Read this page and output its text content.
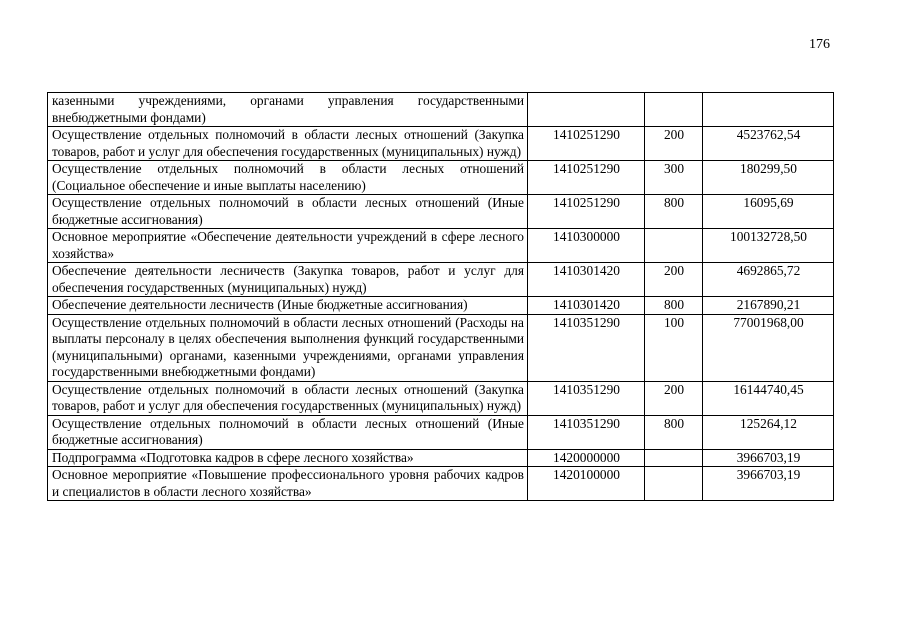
176
казенными учреждениями, органами управления государственными внебюджетными фондами)			
Осуществление отдельных полномочий в области лесных отношений (Закупка товаров, работ и услуг для обеспечения государственных (муниципальных) нужд)	1410251290	200	4523762,54
Осуществление отдельных полномочий в области лесных отношений (Социальное обеспечение и иные выплаты населению)	1410251290	300	180299,50
Осуществление отдельных полномочий в области лесных отношений (Иные бюджетные ассигнования)	1410251290	800	16095,69
Основное мероприятие «Обеспечение деятельности учреждений в сфере лесного хозяйства»	1410300000		100132728,50
Обеспечение деятельности лесничеств (Закупка товаров, работ и услуг для обеспечения государственных (муниципальных) нужд)	1410301420	200	4692865,72
Обеспечение деятельности лесничеств (Иные бюджетные ассигнования)	1410301420	800	2167890,21
Осуществление отдельных полномочий в области лесных отношений (Расходы на выплаты персоналу в целях обеспечения выполнения функций государственными (муниципальными) органами, казенными учреждениями, органами управления государственными внебюджетными фондами)	1410351290	100	77001968,00
Осуществление отдельных полномочий в области лесных отношений (Закупка товаров, работ и услуг для обеспечения государственных (муниципальных) нужд)	1410351290	200	16144740,45
Осуществление отдельных полномочий в области лесных отношений (Иные бюджетные ассигнования)	1410351290	800	125264,12
Подпрограмма «Подготовка кадров в сфере лесного хозяйства»	1420000000		3966703,19
Основное мероприятие «Повышение профессионального уровня рабочих кадров и специалистов в области лесного хозяйства»	1420100000		3966703,19
